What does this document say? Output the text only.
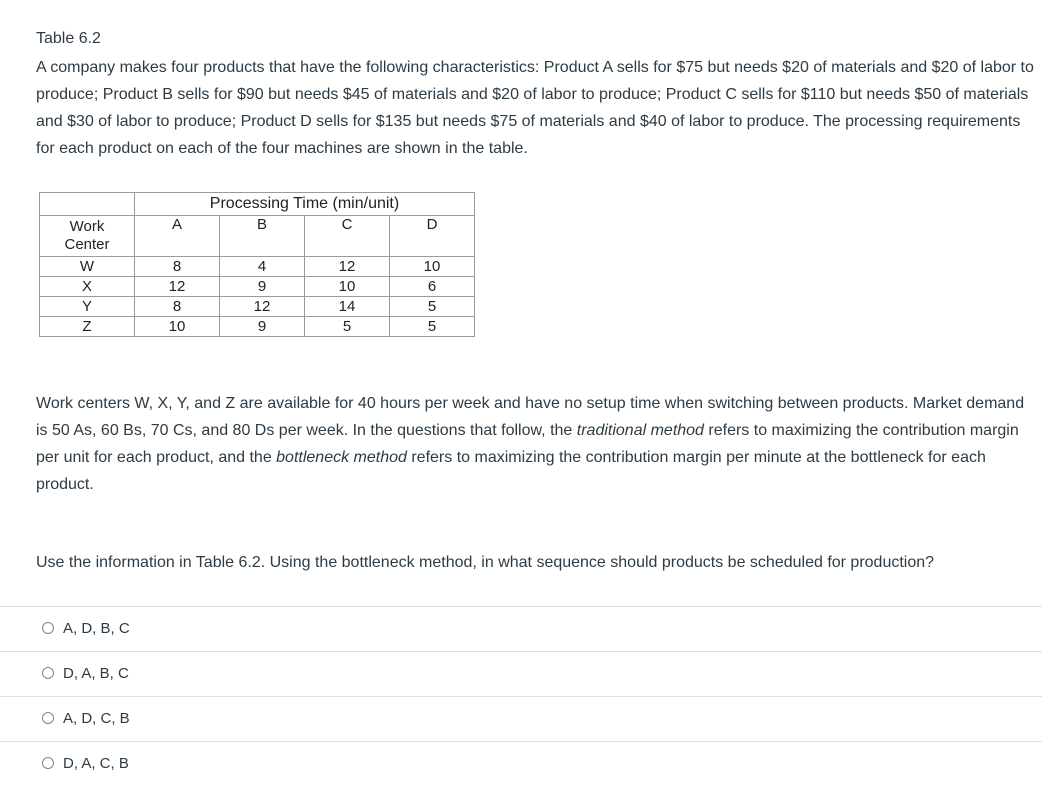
Table 6.2

A company makes four products that have the following characteristics: Product A sells for $75 but needs $20 of materials and $20 of labor to produce; Product B sells for $90 but needs $45 of materials and $20 of labor to produce; Product C sells for $110 but needs $50 of materials and $30 of labor to produce; Product D sells for $135 but needs $75 of materials and $40 of labor to produce. The processing requirements for each product on each of the four machines are shown in the table.

	Processing Time (min/unit)			
Work Center	A	B	C	D
W	8	4	12	10
X	12	9	10	6
Y	8	12	14	5
Z	10	9	5	5

Work centers W, X, Y, and Z are available for 40 hours per week and have no setup time when switching between products. Market demand is 50 As, 60 Bs, 70 Cs, and 80 Ds per week. In the questions that follow, the traditional method refers to maximizing the contribution margin per unit for each product, and the bottleneck method refers to maximizing the contribution margin per minute at the bottleneck for each product.

Use the information in Table 6.2. Using the bottleneck method, in what sequence should products be scheduled for production?

A, D, B, C
D, A, B, C
A, D, C, B
D, A, C, B
